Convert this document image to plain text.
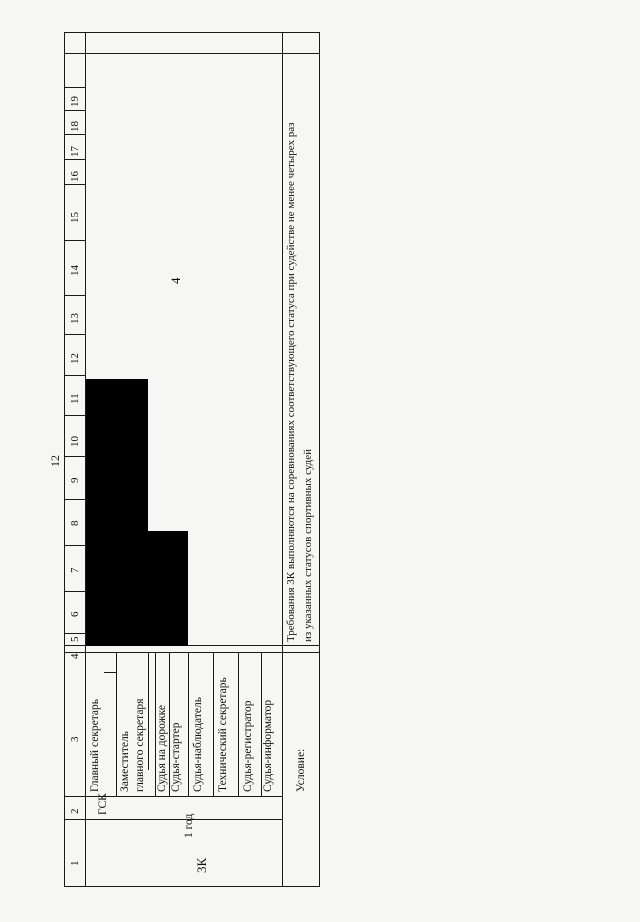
12
1
2
3
4
5
6
7
8
9
10
11
12
13
14
15
16
17
18
19
3К
1 год
ГСК
Главный секретарь Заместитель главного секретаря Судья на дорожке Судья-стартер Судья-наблюдатель Технический секретарь Судья-регистратор Судья-информатор
4
Условие:
Требования 3К выполняются на соревнованиях соответствующего статуса при судействе не менее четырех раз из указанных статусов спортивных судей
